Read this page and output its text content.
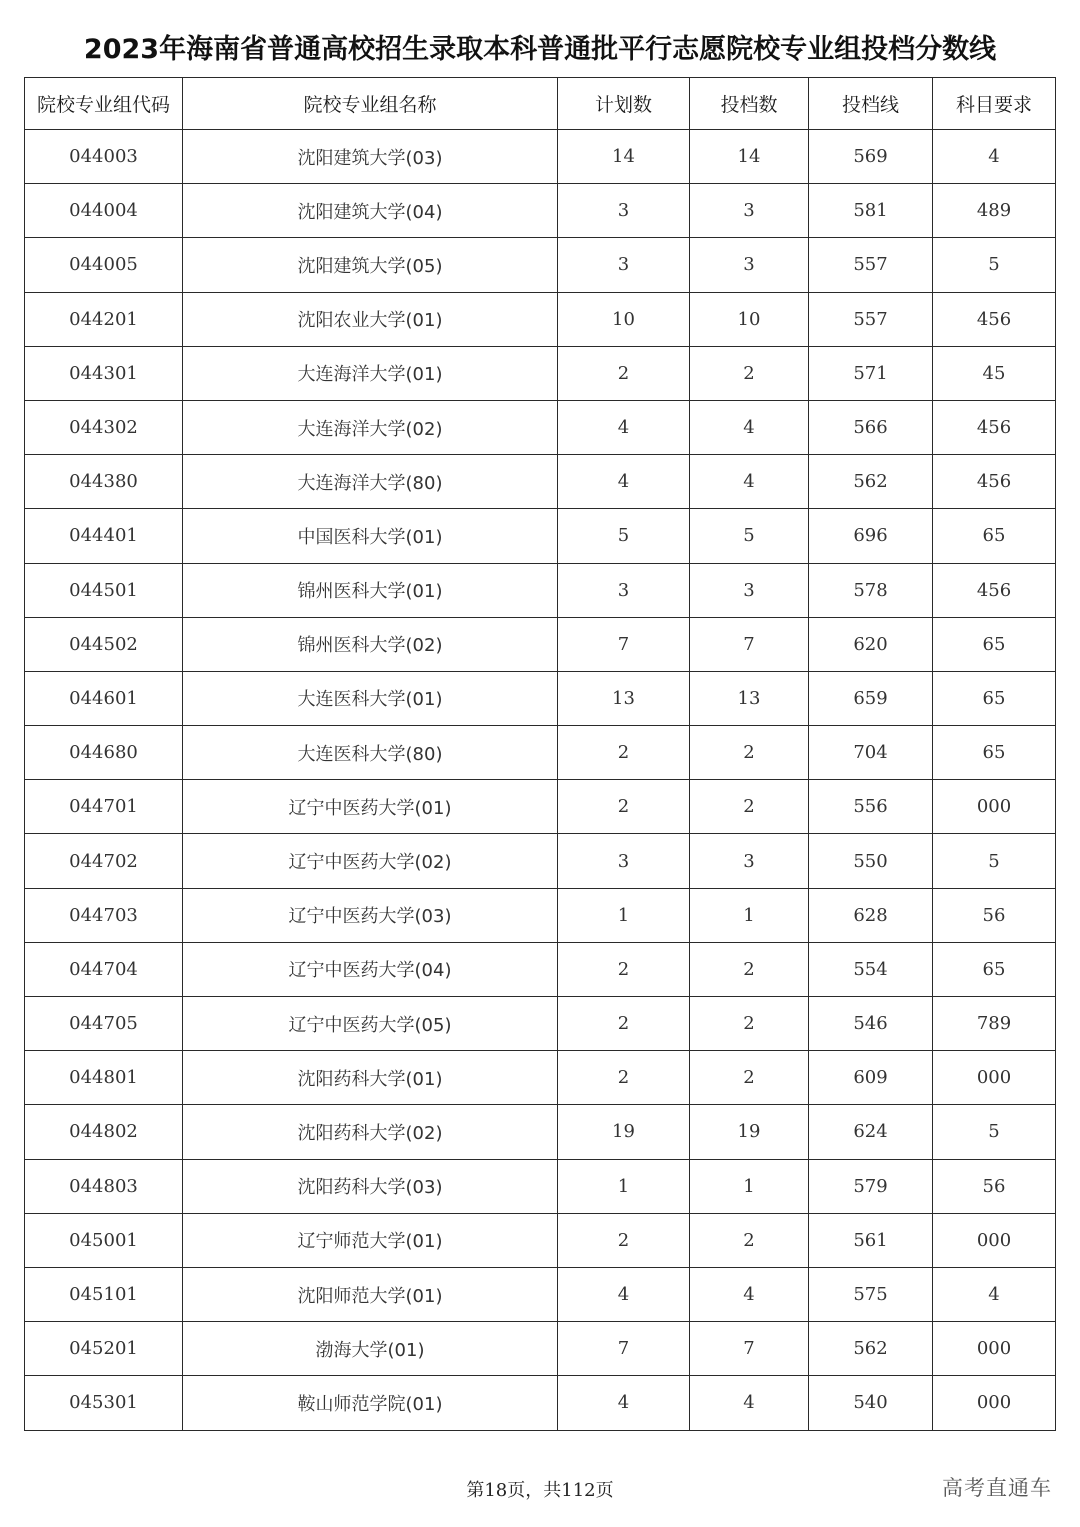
2023年海南省普通高校招生录取本科普通批平行志愿院校专业组投档分数线
院校专业组代码	院校专业组名称	计划数	投档数	投档线	科目要求
044003	沈阳建筑大学(03)	14	14	569	4
044004	沈阳建筑大学(04)	3	3	581	489
044005	沈阳建筑大学(05)	3	3	557	5
044201	沈阳农业大学(01)	10	10	557	456
044301	大连海洋大学(01)	2	2	571	45
044302	大连海洋大学(02)	4	4	566	456
044380	大连海洋大学(80)	4	4	562	456
044401	中国医科大学(01)	5	5	696	65
044501	锦州医科大学(01)	3	3	578	456
044502	锦州医科大学(02)	7	7	620	65
044601	大连医科大学(01)	13	13	659	65
044680	大连医科大学(80)	2	2	704	65
044701	辽宁中医药大学(01)	2	2	556	000
044702	辽宁中医药大学(02)	3	3	550	5
044703	辽宁中医药大学(03)	1	1	628	56
044704	辽宁中医药大学(04)	2	2	554	65
044705	辽宁中医药大学(05)	2	2	546	789
044801	沈阳药科大学(01)	2	2	609	000
044802	沈阳药科大学(02)	19	19	624	5
044803	沈阳药科大学(03)	1	1	579	56
045001	辽宁师范大学(01)	2	2	561	000
045101	沈阳师范大学(01)	4	4	575	4
045201	渤海大学(01)	7	7	562	000
045301	鞍山师范学院(01)	4	4	540	000
第18页，共112页	高考直通车
